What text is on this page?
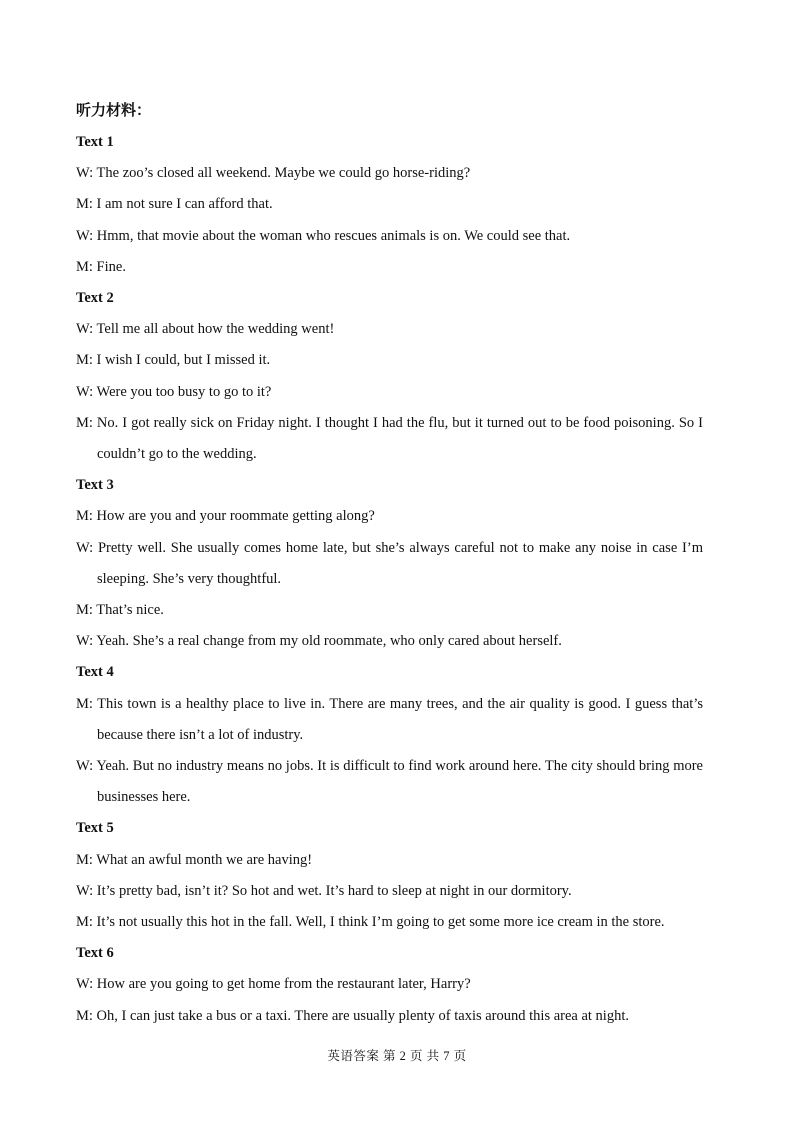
听力材料：
Text 1
W: The zoo’s closed all weekend. Maybe we could go horse-riding?
M: I am not sure I can afford that.
W: Hmm, that movie about the woman who rescues animals is on. We could see that.
M: Fine.
Text 2
W: Tell me all about how the wedding went!
M: I wish I could, but I missed it.
W: Were you too busy to go to it?
M: No. I got really sick on Friday night. I thought I had the flu, but it turned out to be food poisoning. So I couldn’t go to the wedding.
Text 3
M: How are you and your roommate getting along?
W: Pretty well. She usually comes home late, but she’s always careful not to make any noise in case I’m sleeping. She’s very thoughtful.
M: That’s nice.
W: Yeah. She’s a real change from my old roommate, who only cared about herself.
Text 4
M: This town is a healthy place to live in. There are many trees, and the air quality is good. I guess that’s because there isn’t a lot of industry.
W: Yeah. But no industry means no jobs. It is difficult to find work around here. The city should bring more businesses here.
Text 5
M: What an awful month we are having!
W: It’s pretty bad, isn’t it? So hot and wet. It’s hard to sleep at night in our dormitory.
M: It’s not usually this hot in the fall. Well, I think I’m going to get some more ice cream in the store.
Text 6
W: How are you going to get home from the restaurant later, Harry?
M: Oh, I can just take a bus or a taxi. There are usually plenty of taxis around this area at night.
英语答案 第 2 页 共 7 页
